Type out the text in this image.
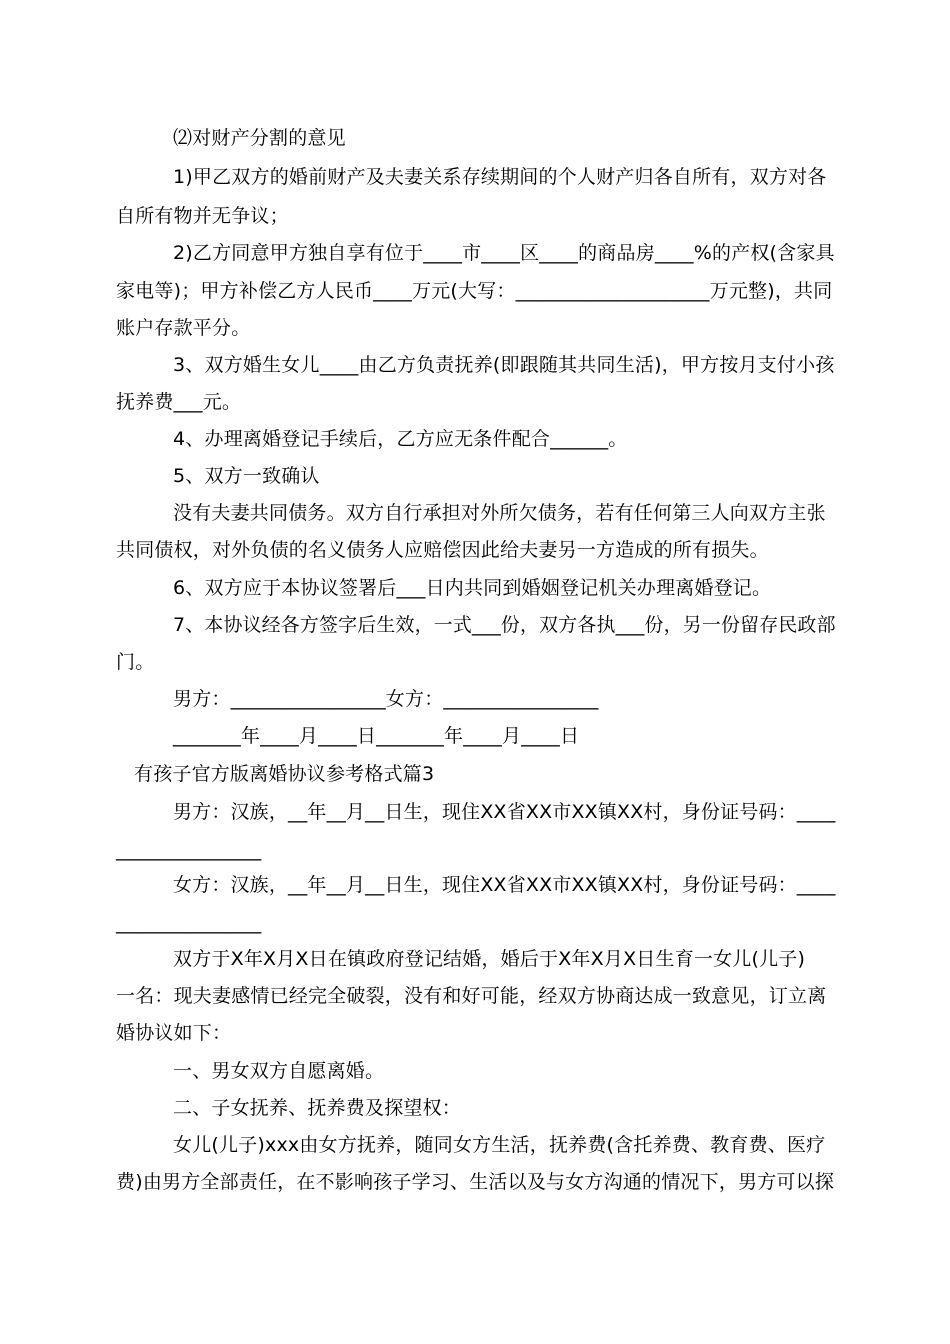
⑵对财产分割的意见
1)甲乙双方的婚前财产及夫妻关系存续期间的个人财产归各自所有，双方对各
自所有物并无争议；
2)乙方同意甲方独自享有位于____市____区____的商品房____%的产权(含家具
家电等)；甲方补偿乙方人民币____万元(大写：____________________万元整)，共同
账户存款平分。
3、双方婚生女儿____由乙方负责抚养(即跟随其共同生活)，甲方按月支付小孩
抚养费___元。
4、办理离婚登记手续后，乙方应无条件配合______。
5、双方一致确认
没有夫妻共同债务。双方自行承担对外所欠债务，若有任何第三人向双方主张
共同债权，对外负债的名义债务人应赔偿因此给夫妻另一方造成的所有损失。
6、双方应于本协议签署后___日内共同到婚姻登记机关办理离婚登记。
7、本协议经各方签字后生效，一式___份，双方各执___份，另一份留存民政部
门。
男方：________________女方：________________
_______年____月____日_______年____月____日
有孩子官方版离婚协议参考格式篇3
男方：汉族，__年__月__日生，现住XX省XX市XX镇XX村，身份证号码：____
_______________
女方：汉族，__年__月__日生，现住XX省XX市XX镇XX村，身份证号码：____
_______________
双方于X年X月X日在镇政府登记结婚，婚后于X年X月X日生育一女儿(儿子)
一名：现夫妻感情已经完全破裂，没有和好可能，经双方协商达成一致意见，订立离
婚协议如下：
一、男女双方自愿离婚。
二、子女抚养、抚养费及探望权：
女儿(儿子)xxx由女方抚养，随同女方生活，抚养费(含托养费、教育费、医疗
费)由男方全部责任，在不影响孩子学习、生活以及与女方沟通的情况下，男方可以探
